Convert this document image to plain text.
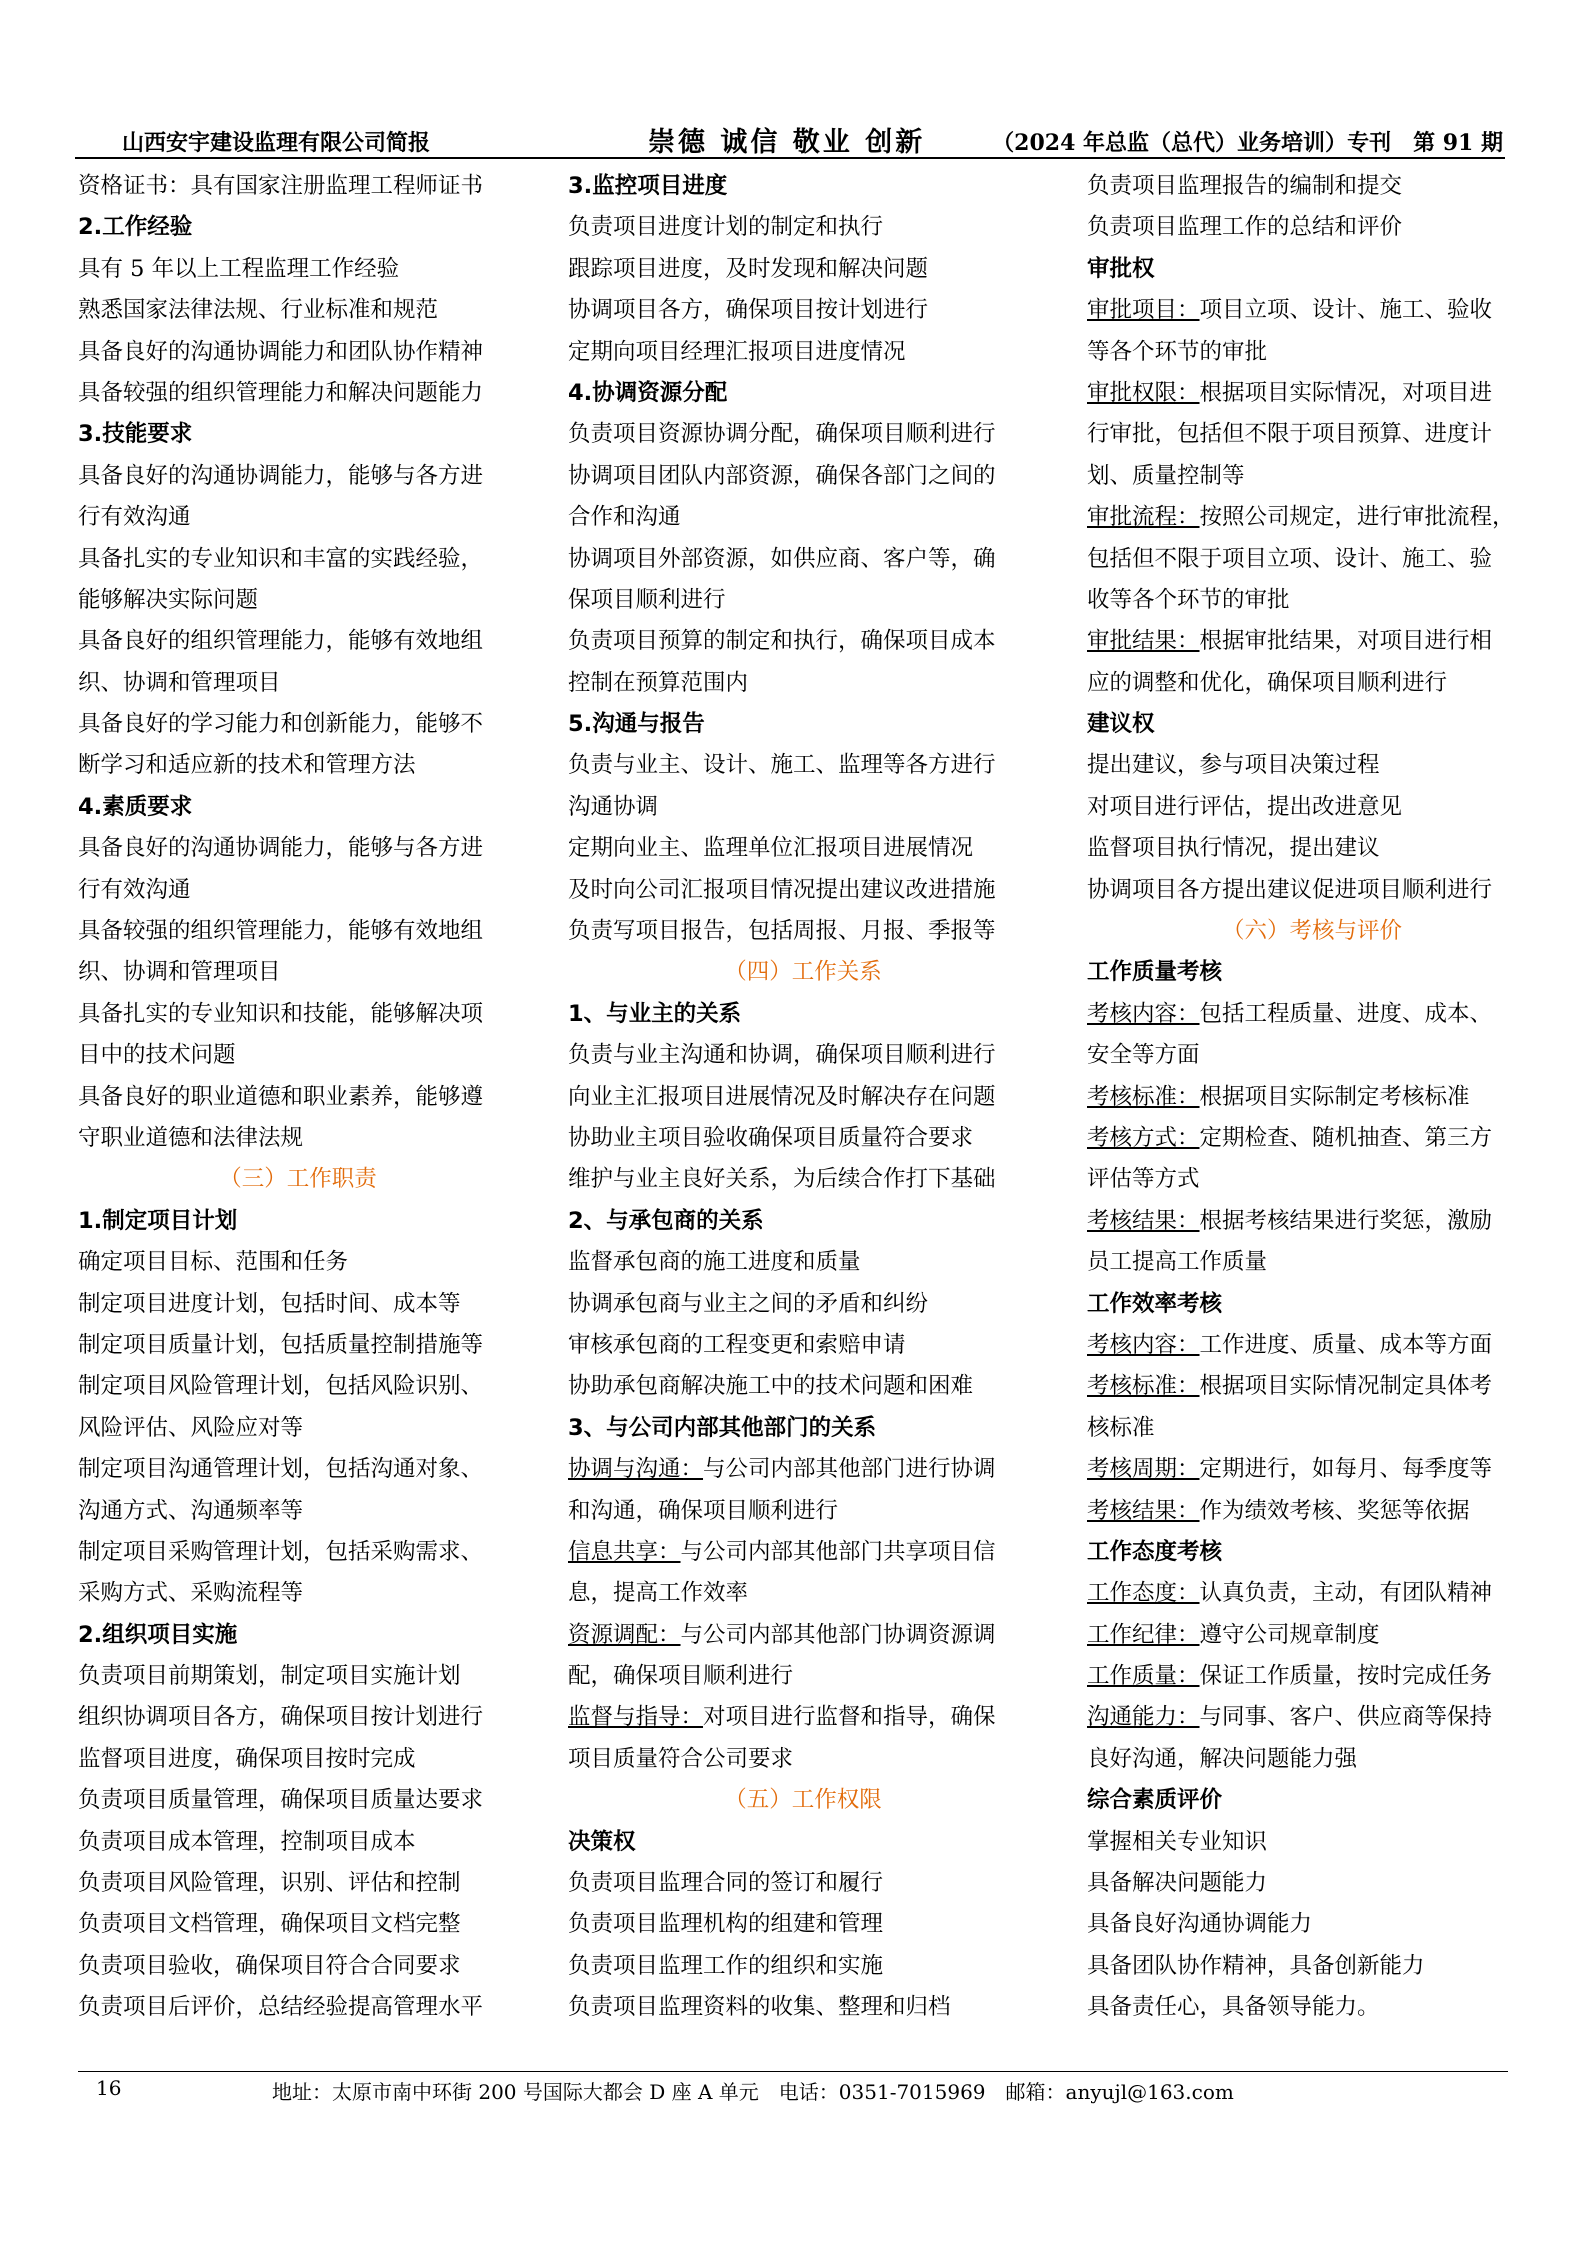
山西安宇建设监理有限公司简报	崇德 诚信 敬业 创新	（2024 年总监（总代）业务培训）专刊　第 91 期
资格证书：具有国家注册监理工程师证书
2.工作经验
具有 5 年以上工程监理工作经验
熟悉国家法律法规、行业标准和规范
具备良好的沟通协调能力和团队协作精神
具备较强的组织管理能力和解决问题能力
3.技能要求
具备良好的沟通协调能力，能够与各方进
行有效沟通
具备扎实的专业知识和丰富的实践经验，
能够解决实际问题
具备良好的组织管理能力，能够有效地组
织、协调和管理项目
具备良好的学习能力和创新能力，能够不
断学习和适应新的技术和管理方法
4.素质要求
具备良好的沟通协调能力，能够与各方进
行有效沟通
具备较强的组织管理能力，能够有效地组
织、协调和管理项目
具备扎实的专业知识和技能，能够解决项
目中的技术问题
具备良好的职业道德和职业素养，能够遵
守职业道德和法律法规
（三）工作职责
1.制定项目计划
确定项目目标、范围和任务
制定项目进度计划，包括时间、成本等
制定项目质量计划，包括质量控制措施等
制定项目风险管理计划，包括风险识别、
风险评估、风险应对等
制定项目沟通管理计划，包括沟通对象、
沟通方式、沟通频率等
制定项目采购管理计划，包括采购需求、
采购方式、采购流程等
2.组织项目实施
负责项目前期策划，制定项目实施计划
组织协调项目各方，确保项目按计划进行
监督项目进度，确保项目按时完成
负责项目质量管理，确保项目质量达要求
负责项目成本管理，控制项目成本
负责项目风险管理，识别、评估和控制
负责项目文档管理，确保项目文档完整
负责项目验收，确保项目符合合同要求
负责项目后评价，总结经验提高管理水平
3.监控项目进度
负责项目进度计划的制定和执行
跟踪项目进度，及时发现和解决问题
协调项目各方，确保项目按计划进行
定期向项目经理汇报项目进度情况
4.协调资源分配
负责项目资源协调分配，确保项目顺利进行
协调项目团队内部资源，确保各部门之间的
合作和沟通
协调项目外部资源，如供应商、客户等，确
保项目顺利进行
负责项目预算的制定和执行，确保项目成本
控制在预算范围内
5.沟通与报告
负责与业主、设计、施工、监理等各方进行
沟通协调
定期向业主、监理单位汇报项目进展情况
及时向公司汇报项目情况提出建议改进措施
负责写项目报告，包括周报、月报、季报等
（四）工作关系
1、与业主的关系
负责与业主沟通和协调，确保项目顺利进行
向业主汇报项目进展情况及时解决存在问题
协助业主项目验收确保项目质量符合要求
维护与业主良好关系，为后续合作打下基础
2、与承包商的关系
监督承包商的施工进度和质量
协调承包商与业主之间的矛盾和纠纷
审核承包商的工程变更和索赔申请
协助承包商解决施工中的技术问题和困难
3、与公司内部其他部门的关系
协调与沟通：与公司内部其他部门进行协调
和沟通，确保项目顺利进行
信息共享：与公司内部其他部门共享项目信
息，提高工作效率
资源调配：与公司内部其他部门协调资源调
配，确保项目顺利进行
监督与指导：对项目进行监督和指导，确保
项目质量符合公司要求
（五）工作权限
决策权
负责项目监理合同的签订和履行
负责项目监理机构的组建和管理
负责项目监理工作的组织和实施
负责项目监理资料的收集、整理和归档
负责项目监理报告的编制和提交
负责项目监理工作的总结和评价
审批权
审批项目：项目立项、设计、施工、验收
等各个环节的审批
审批权限：根据项目实际情况，对项目进
行审批，包括但不限于项目预算、进度计
划、质量控制等
审批流程：按照公司规定，进行审批流程，
包括但不限于项目立项、设计、施工、验
收等各个环节的审批
审批结果：根据审批结果，对项目进行相
应的调整和优化，确保项目顺利进行
建议权
提出建议，参与项目决策过程
对项目进行评估，提出改进意见
监督项目执行情况，提出建议
协调项目各方提出建议促进项目顺利进行
（六）考核与评价
工作质量考核
考核内容：包括工程质量、进度、成本、
安全等方面
考核标准：根据项目实际制定考核标准
考核方式：定期检查、随机抽查、第三方
评估等方式
考核结果：根据考核结果进行奖惩，激励
员工提高工作质量
工作效率考核
考核内容：工作进度、质量、成本等方面
考核标准：根据项目实际情况制定具体考
核标准
考核周期：定期进行，如每月、每季度等
考核结果：作为绩效考核、奖惩等依据
工作态度考核
工作态度：认真负责，主动，有团队精神
工作纪律：遵守公司规章制度
工作质量：保证工作质量，按时完成任务
沟通能力：与同事、客户、供应商等保持
良好沟通，解决问题能力强
综合素质评价
掌握相关专业知识
具备解决问题能力
具备良好沟通协调能力
具备团队协作精神，具备创新能力
具备责任心，具备领导能力。
16	地址：太原市南中环街 200 号国际大都会 D 座 A 单元　电话：0351-7015969　邮箱：anyujl@163.com
